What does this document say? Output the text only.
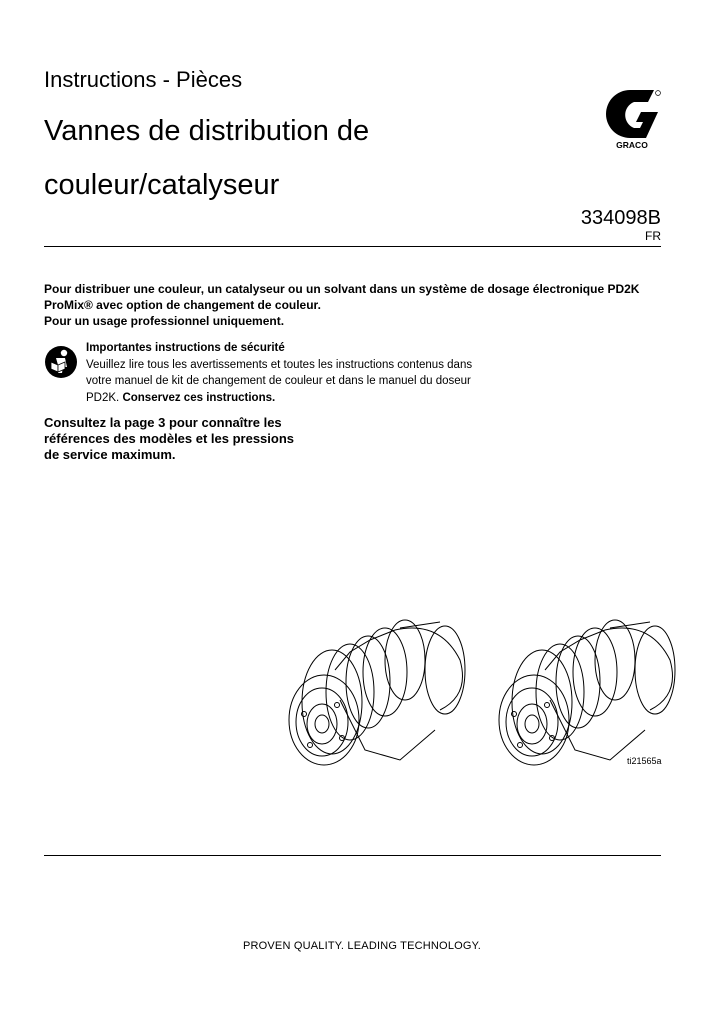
Instructions - Pièces
Vannes de distribution de couleur/catalyseur
GRACO
334098B
FR

Pour distribuer une couleur, un catalyseur ou un solvant dans un système de dosage électronique PD2K ProMix® avec option de changement de couleur.

Pour un usage professionnel uniquement.

Importantes instructions de sécurité
Veuillez lire tous les avertissements et toutes les instructions contenus dans votre manuel de kit de changement de couleur et dans le manuel du doseur PD2K. Conservez ces instructions.
Consultez la page 3 pour connaître les références des modèles et les pressions de service maximum.
ti21565a
PROVEN QUALITY. LEADING TECHNOLOGY.
